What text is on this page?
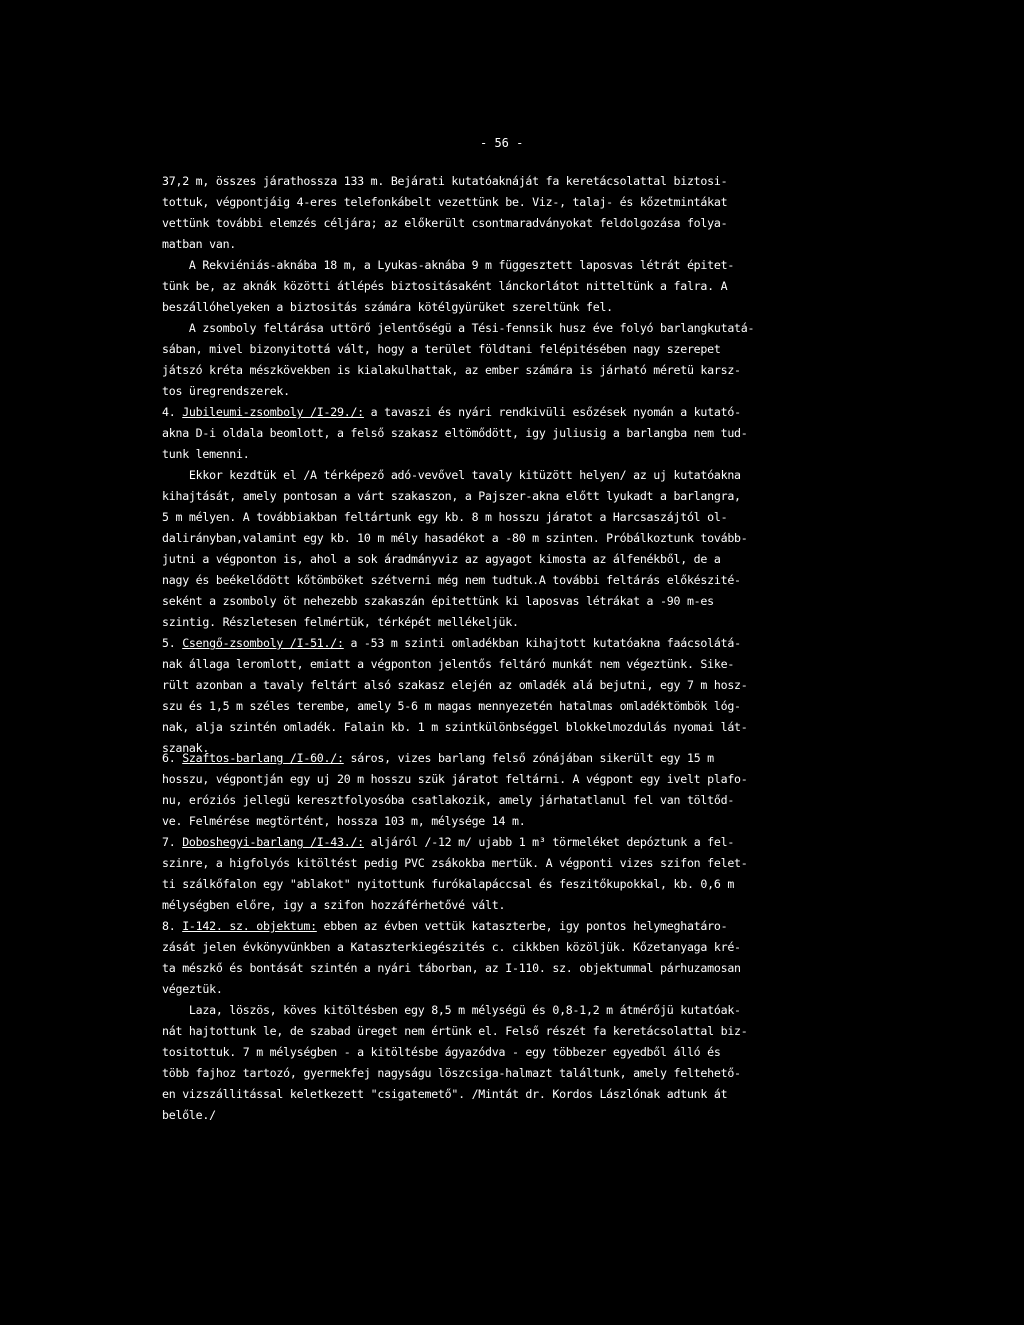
- 56 -
37,2 m, összes járathossza 133 m. Bejárati kutatóaknáját fa keretácsolattal biztosi-
tottuk, végpontjáig 4-eres telefonkábelt vezettünk be. Viz-, talaj- és kőzetmintákat
vettünk további elemzés céljára; az előkerült csontmaradványokat feldolgozása folya-
matban van.
A Rekviéniás-aknába 18 m, a Lyukas-aknába 9 m függesztett laposvas létrát épitet-
tünk be, az aknák közötti átlépés biztositásaként lánckorlátot nitteltünk a falra. A
beszállóhelyeken a biztositás számára kötélgyürüket szereltünk fel.
A zsomboly feltárása uttörő jelentőségü a Tési-fennsik husz éve folyó barlangkutatá-
sában, mivel bizonyitottá vált, hogy a terület földtani felépitésében nagy szerepet
játszó kréta mészkövekben is kialakulhattak, az ember számára is járható méretü karsz-
tos üregrendszerek.
4. Jubileumi-zsomboly /I-29./: a tavaszi és nyári rendkivüli esőzések nyomán a kutató-
akna D-i oldala beomlott, a felső szakasz eltömődött, igy juliusig a barlangba nem tud-
tunk lemenni.
Ekkor kezdtük el /A térképező adó-vevővel tavaly kitüzött helyen/ az uj kutatóakna
kihajtását, amely pontosan a várt szakaszon, a Pajszer-akna előtt lyukadt a barlangra,
5 m mélyen. A továbbiakban feltártunk egy kb. 8 m hosszu járatot a Harcsaszájtól ol-
dalirányban,valamint egy kb. 10 m mély hasadékot a -80 m szinten. Próbálkoztunk tovább-
jutni a végponton is, ahol a sok áradmányviz az agyagot kimosta az álfenékből, de a
nagy és beékelődött kőtömböket szétverni még nem tudtuk.A további feltárás előkészité-
seként a zsomboly öt nehezebb szakaszán épitettünk ki laposvas létrákat a -90 m-es
szintig. Részletesen felmértük, térképét mellékeljük.
5. Csengő-zsomboly /I-51./: a -53 m szinti omladékban kihajtott kutatóakna faácsolátá-
nak állaga leromlott, emiatt a végponton jelentős feltáró munkát nem végeztünk. Sike-
rült azonban a tavaly feltárt alsó szakasz elején az omladék alá bejutni, egy 7 m hosz-
szu és 1,5 m széles terembe, amely 5-6 m magas mennyezetén hatalmas omladéktömbök lóg-
nak, alja szintén omladék. Falain kb. 1 m szintkülönbséggel blokkelmozdulás nyomai lát-
szanak.
6. Szaftos-barlang /I-60./: sáros, vizes barlang felső zónájában sikerült egy 15 m
hosszu, végpontján egy uj 20 m hosszu szük járatot feltárni. A végpont egy ivelt plafo-
nu, eróziós jellegü keresztfolyosóba csatlakozik, amely járhatatlanul fel van töltőd-
ve. Felmérése megtörtént, hossza 103 m, mélysége 14 m.
7. Doboshegyi-barlang /I-43./: aljáról /-12 m/ ujabb 1 m³ törmeléket depóztunk a fel-
szinre, a higfolyós kitöltést pedig PVC zsákokba mertük. A végponti vizes szifon felet-
ti szálkőfalon egy "ablakot" nyitottunk furókalapáccsal és feszitőkupokkal, kb. 0,6 m
mélységben előre, igy a szifon hozzáférhetővé vált.
8. I-142. sz. objektum: ebben az évben vettük kataszterbe, igy pontos helymeghatáro-
zását jelen évkönyvünkben a Kataszterkiegészités c. cikkben közöljük. Kőzetanyaga kré-
ta mészkő és bontását szintén a nyári táborban, az I-110. sz. objektummal párhuzamosan
végeztük.
Laza, löszös, köves kitöltésben egy 8,5 m mélységü és 0,8-1,2 m átmérőjü kutatóak-
nát hajtottunk le, de szabad üreget nem értünk el. Felső részét fa keretácsolattal biz-
tositottuk. 7 m mélységben - a kitöltésbe ágyazódva - egy többezer egyedből álló és
több fajhoz tartozó, gyermekfej nagyságu löszcsiga-halmazt találtunk, amely feltehető-
en vizszállitással keletkezett "csigatemető". /Mintát dr. Kordos Lászlónak adtunk át
belőle./
